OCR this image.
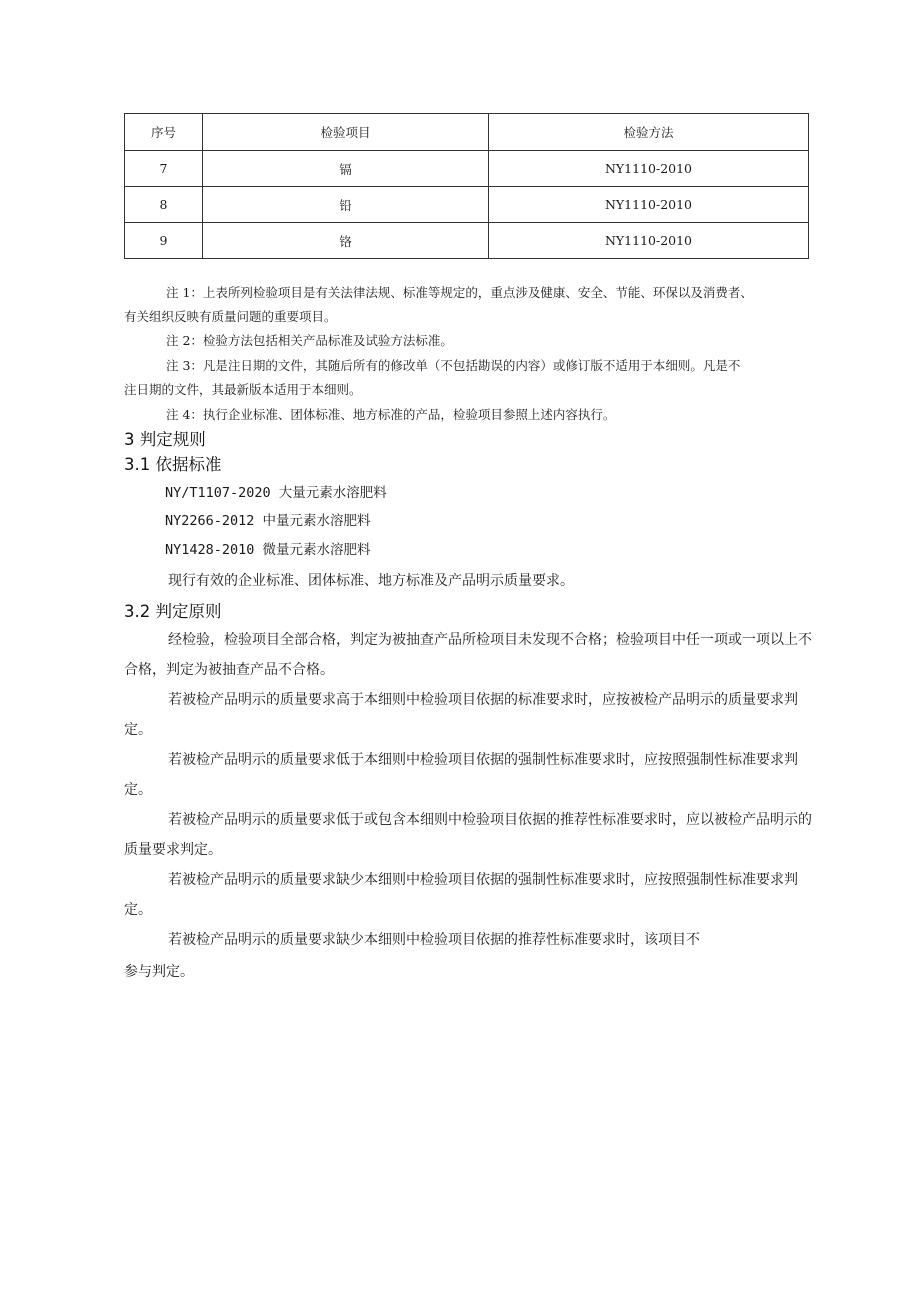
序号	检验项目	检验方法
7	镉	NY1110-2010
8	铅	NY1110-2010
9	铬	NY1110-2010
注 1：上表所列检验项目是有关法律法规、标准等规定的，重点涉及健康、安全、节能、环保以及消费者、
有关组织反映有质量问题的重要项目。
注 2：检验方法包括相关产品标准及试验方法标准。
注 3：凡是注日期的文件，其随后所有的修改单（不包括勘误的内容）或修订版不适用于本细则。凡是不
注日期的文件，其最新版本适用于本细则。
注 4：执行企业标准、团体标准、地方标准的产品，检验项目参照上述内容执行。
3 判定规则
3.1 依据标准
NY/T1107-2020 大量元素水溶肥料
NY2266-2012 中量元素水溶肥料
NY1428-2010 微量元素水溶肥料

现行有效的企业标准、团体标准、地方标准及产品明示质量要求。

3.2 判定原则

经检验，检验项目全部合格，判定为被抽查产品所检项目未发现不合格；检验项目中任一项或一项以上不合格，判定为被抽查产品不合格。

若被检产品明示的质量要求高于本细则中检验项目依据的标准要求时，应按被检产品明示的质量要求判定。

若被检产品明示的质量要求低于本细则中检验项目依据的强制性标准要求时，应按照强制性标准要求判定。

若被检产品明示的质量要求低于或包含本细则中检验项目依据的推荐性标准要求时，应以被检产品明示的质量要求判定。

若被检产品明示的质量要求缺少本细则中检验项目依据的强制性标准要求时，应按照强制性标准要求判定。

若被检产品明示的质量要求缺少本细则中检验项目依据的推荐性标准要求时，该项目不

参与判定。
